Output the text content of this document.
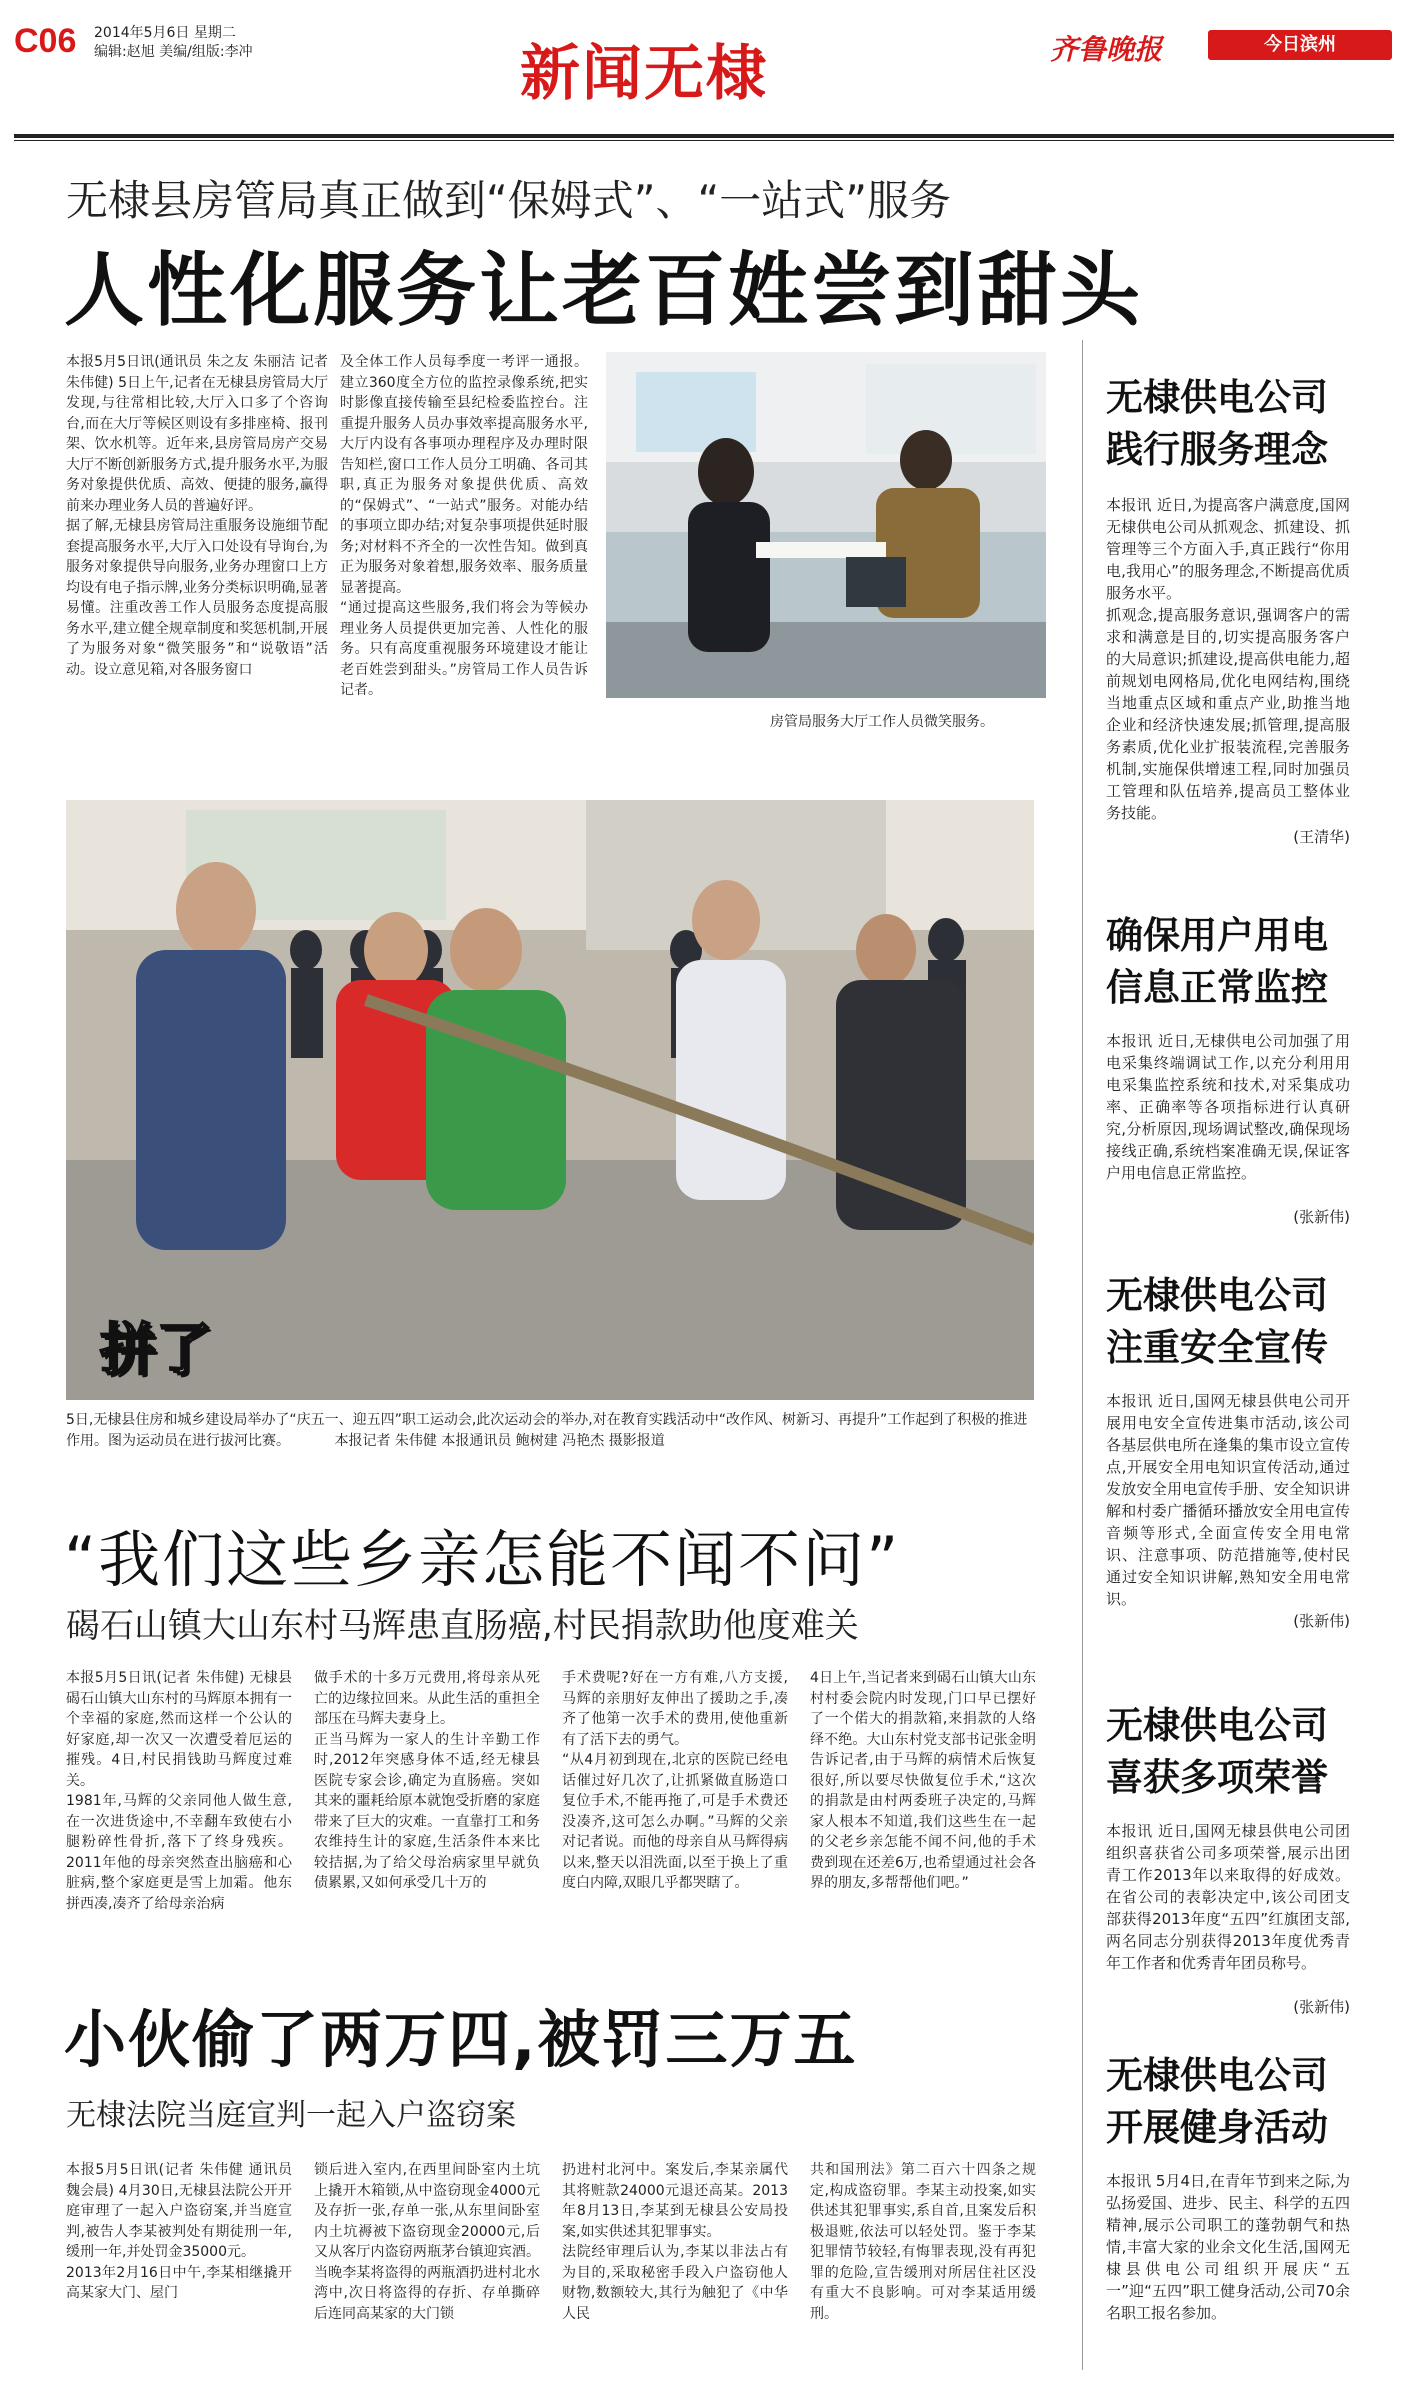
C06 2014年5月6日 星期二
编辑:赵旭 美编/组版:李冲	新闻无棣	齐鲁晚报	今日滨州
无棣县房管局真正做到“保姆式”、“一站式”服务
人性化服务让老百姓尝到甜头
本报5月5日讯(通讯员 朱之友 朱丽洁 记者 朱伟健) 5日上午,记者在无棣县房管局大厅发现,与往常相比较,大厅入口多了个咨询台,而在大厅等候区则设有多排座椅、报刊架、饮水机等。近年来,县房管局房产交易大厅不断创新服务方式,提升服务水平,为服务对象提供优质、高效、便捷的服务,赢得前来办理业务人员的普遍好评。
据了解,无棣县房管局注重服务设施细节配套提高服务水平,大厅入口处设有导询台,为服务对象提供导向服务,业务办理窗口上方均设有电子指示牌,业务分类标识明确,显著易懂。注重改善工作人员服务态度提高服务水平,建立健全规章制度和奖惩机制,开展了为服务对象“微笑服务”和“说敬语”活动。设立意见箱,对各服务窗口
及全体工作人员每季度一考评一通报。建立360度全方位的监控录像系统,把实时影像直接传输至县纪检委监控台。注重提升服务人员办事效率提高服务水平,大厅内设有各事项办理程序及办理时限告知栏,窗口工作人员分工明确、各司其职,真正为服务对象提供优质、高效的“保姆式”、“一站式”服务。对能办结的事项立即办结;对复杂事项提供延时服务;对材料不齐全的一次性告知。做到真正为服务对象着想,服务效率、服务质量显著提高。
“通过提高这些服务,我们将会为等候办理业务人员提供更加完善、人性化的服务。只有高度重视服务环境建设才能让老百姓尝到甜头。”房管局工作人员告诉记者。
房管局服务大厅工作人员微笑服务。
拼了
5日,无棣县住房和城乡建设局举办了“庆五一、迎五四”职工运动会,此次运动会的举办,对在教育实践活动中“改作风、树新习、再提升”工作起到了积极的推进作用。图为运动员在进行拔河比赛。	本报记者 朱伟健 本报通讯员 鲍树建 冯艳杰 摄影报道
“我们这些乡亲怎能不闻不问”
碣石山镇大山东村马辉患直肠癌,村民捐款助他度难关
本报5月5日讯(记者 朱伟健) 无棣县碣石山镇大山东村的马辉原本拥有一个幸福的家庭,然而这样一个公认的好家庭,却一次又一次遭受着厄运的摧残。4日,村民捐钱助马辉度过难关。
1981年,马辉的父亲同他人做生意,在一次进货途中,不幸翻车致使右小腿粉碎性骨折,落下了终身残疾。2011年他的母亲突然查出脑癌和心脏病,整个家庭更是雪上加霜。他东拼西凑,凑齐了给母亲治病
做手术的十多万元费用,将母亲从死亡的边缘拉回来。从此生活的重担全部压在马辉夫妻身上。
正当马辉为一家人的生计辛勤工作时,2012年突感身体不适,经无棣县医院专家会诊,确定为直肠癌。突如其来的噩耗给原本就饱受折磨的家庭带来了巨大的灾难。一直靠打工和务农维持生计的家庭,生活条件本来比较拮据,为了给父母治病家里早就负债累累,又如何承受几十万的
手术费呢?好在一方有难,八方支援,马辉的亲朋好友伸出了援助之手,凑齐了他第一次手术的费用,使他重新有了活下去的勇气。
“从4月初到现在,北京的医院已经电话催过好几次了,让抓紧做直肠造口复位手术,不能再拖了,可是手术费还没凑齐,这可怎么办啊。”马辉的父亲对记者说。而他的母亲自从马辉得病以来,整天以泪洗面,以至于换上了重度白内障,双眼几乎都哭瞎了。
4日上午,当记者来到碣石山镇大山东村村委会院内时发现,门口早已摆好了一个偌大的捐款箱,来捐款的人络绎不绝。大山东村党支部书记张金明告诉记者,由于马辉的病情术后恢复很好,所以要尽快做复位手术,“这次的捐款是由村两委班子决定的,马辉家人根本不知道,我们这些生在一起的父老乡亲怎能不闻不问,他的手术费到现在还差6万,也希望通过社会各界的朋友,多帮帮他们吧。”
小伙偷了两万四,被罚三万五
无棣法院当庭宣判一起入户盗窃案
本报5月5日讯(记者 朱伟健 通讯员 魏会晨) 4月30日,无棣县法院公开开庭审理了一起入户盗窃案,并当庭宣判,被告人李某被判处有期徒刑一年,缓刑一年,并处罚金35000元。
2013年2月16日中午,李某相继撬开高某家大门、屋门
锁后进入室内,在西里间卧室内土坑上撬开木箱锁,从中盗窃现金4000元及存折一张,存单一张,从东里间卧室内土坑褥被下盗窃现金20000元,后又从客厅内盗窃两瓶茅台镇迎宾酒。当晚李某将盗得的两瓶酒扔进村北水湾中,次日将盗得的存折、存单撕碎后连同高某家的大门锁
扔进村北河中。案发后,李某亲属代其将赃款24000元退还高某。2013年8月13日,李某到无棣县公安局投案,如实供述其犯罪事实。
法院经审理后认为,李某以非法占有为目的,采取秘密手段入户盗窃他人财物,数额较大,其行为触犯了《中华人民
共和国刑法》第二百六十四条之规定,构成盗窃罪。李某主动投案,如实供述其犯罪事实,系自首,且案发后积极退赃,依法可以轻处罚。鉴于李某犯罪情节较轻,有悔罪表现,没有再犯罪的危险,宣告缓刑对所居住社区没有重大不良影响。可对李某适用缓刑。
无棣供电公司
践行服务理念
本报讯 近日,为提高客户满意度,国网无棣供电公司从抓观念、抓建设、抓管理等三个方面入手,真正践行“你用电,我用心”的服务理念,不断提高优质服务水平。
抓观念,提高服务意识,强调客户的需求和满意是目的,切实提高服务客户的大局意识;抓建设,提高供电能力,超前规划电网格局,优化电网结构,围绕当地重点区域和重点产业,助推当地企业和经济快速发展;抓管理,提高服务素质,优化业扩报装流程,完善服务机制,实施保供增速工程,同时加强员工管理和队伍培养,提高员工整体业务技能。
(王清华)
确保用户用电
信息正常监控
本报讯 近日,无棣供电公司加强了用电采集终端调试工作,以充分利用用电采集监控系统和技术,对采集成功率、正确率等各项指标进行认真研究,分析原因,现场调试整改,确保现场接线正确,系统档案准确无误,保证客户用电信息正常监控。
(张新伟)
无棣供电公司
注重安全宣传
本报讯 近日,国网无棣县供电公司开展用电安全宣传进集市活动,该公司各基层供电所在逢集的集市设立宣传点,开展安全用电知识宣传活动,通过发放安全用电宣传手册、安全知识讲解和村委广播循环播放安全用电宣传音频等形式,全面宣传安全用电常识、注意事项、防范措施等,使村民通过安全知识讲解,熟知安全用电常识。
(张新伟)
无棣供电公司
喜获多项荣誉
本报讯 近日,国网无棣县供电公司团组织喜获省公司多项荣誉,展示出团青工作2013年以来取得的好成效。在省公司的表彰决定中,该公司团支部获得2013年度“五四”红旗团支部,两名同志分别获得2013年度优秀青年工作者和优秀青年团员称号。
(张新伟)
无棣供电公司
开展健身活动
本报讯 5月4日,在青年节到来之际,为弘扬爱国、进步、民主、科学的五四精神,展示公司职工的蓬勃朝气和热情,丰富大家的业余文化生活,国网无棣县供电公司组织开展庆“五一”迎“五四”职工健身活动,公司70余名职工报名参加。
